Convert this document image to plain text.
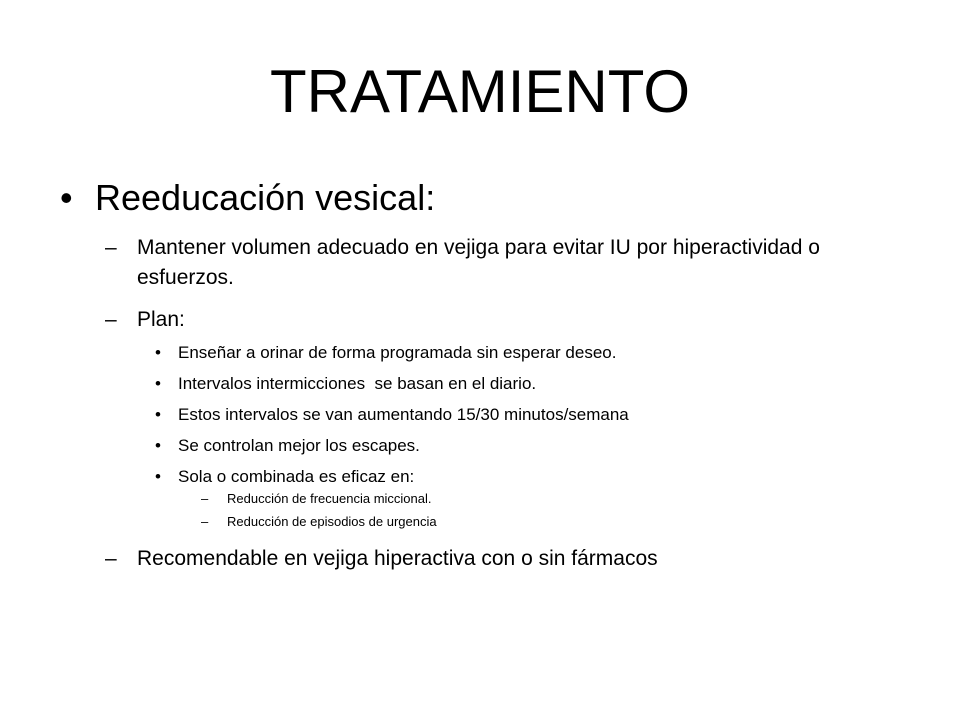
TRATAMIENTO
• Reeducación vesical:
– Mantener volumen adecuado en vejiga para evitar IU por hiperactividad o esfuerzos.
– Plan:
• Enseñar a orinar de forma programada sin esperar deseo.
• Intervalos intermicciones  se basan en el diario.
• Estos intervalos se van aumentando 15/30 minutos/semana
• Se controlan mejor los escapes.
• Sola o combinada es eficaz en:
– Reducción de frecuencia miccional.
– Reducción de episodios de urgencia
– Recomendable en vejiga hiperactiva con o sin fármacos
